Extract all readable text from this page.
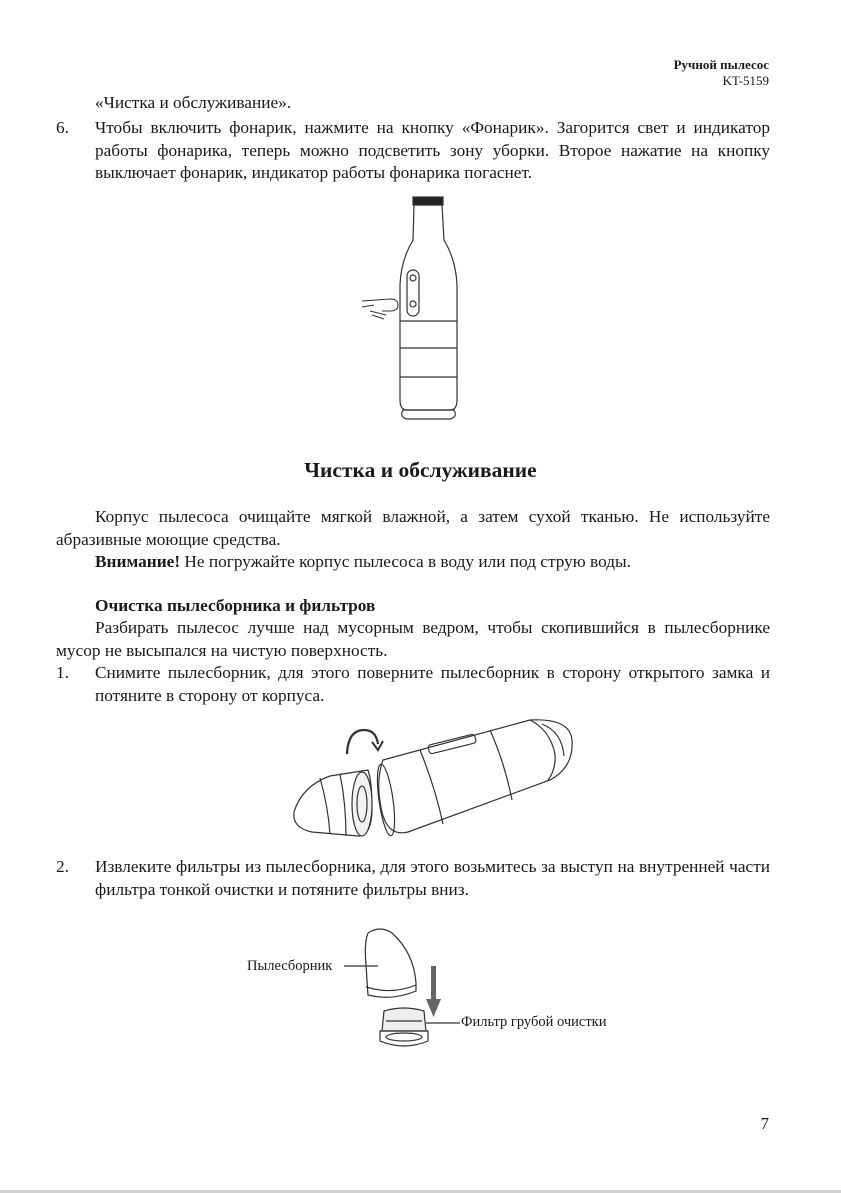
Ручной пылесос
KT-5159

«Чистка и обслуживание».

6.	Чтобы включить фонарик, нажмите на кнопку «Фонарик». Загорится свет и индикатор работы фонарика, теперь можно подсветить зону уборки. Второе нажатие на кнопку выключает фонарик, индикатор работы фонарика погаснет.
Чистка и обслуживание

Корпус пылесоса очищайте мягкой влажной, а затем сухой тканью. Не используйте абразивные моющие средства.

Внимание! Не погружайте корпус пылесоса в воду или под струю воды.

Очистка пылесборника и фильтров

Разбирать пылесос лучше над мусорным ведром, чтобы скопившийся в пылесборнике мусор не высыпался на чистую поверхность.

1.	Снимите пылесборник, для этого поверните пылесборник в сторону открытого замка и потяните в сторону от корпуса.
2.	Извлеките фильтры из пылесборника, для этого возьмитесь за выступ на внутренней части фильтра тонкой очистки и потяните фильтры вниз.
Пылесборник
Фильтр грубой очистки
7
